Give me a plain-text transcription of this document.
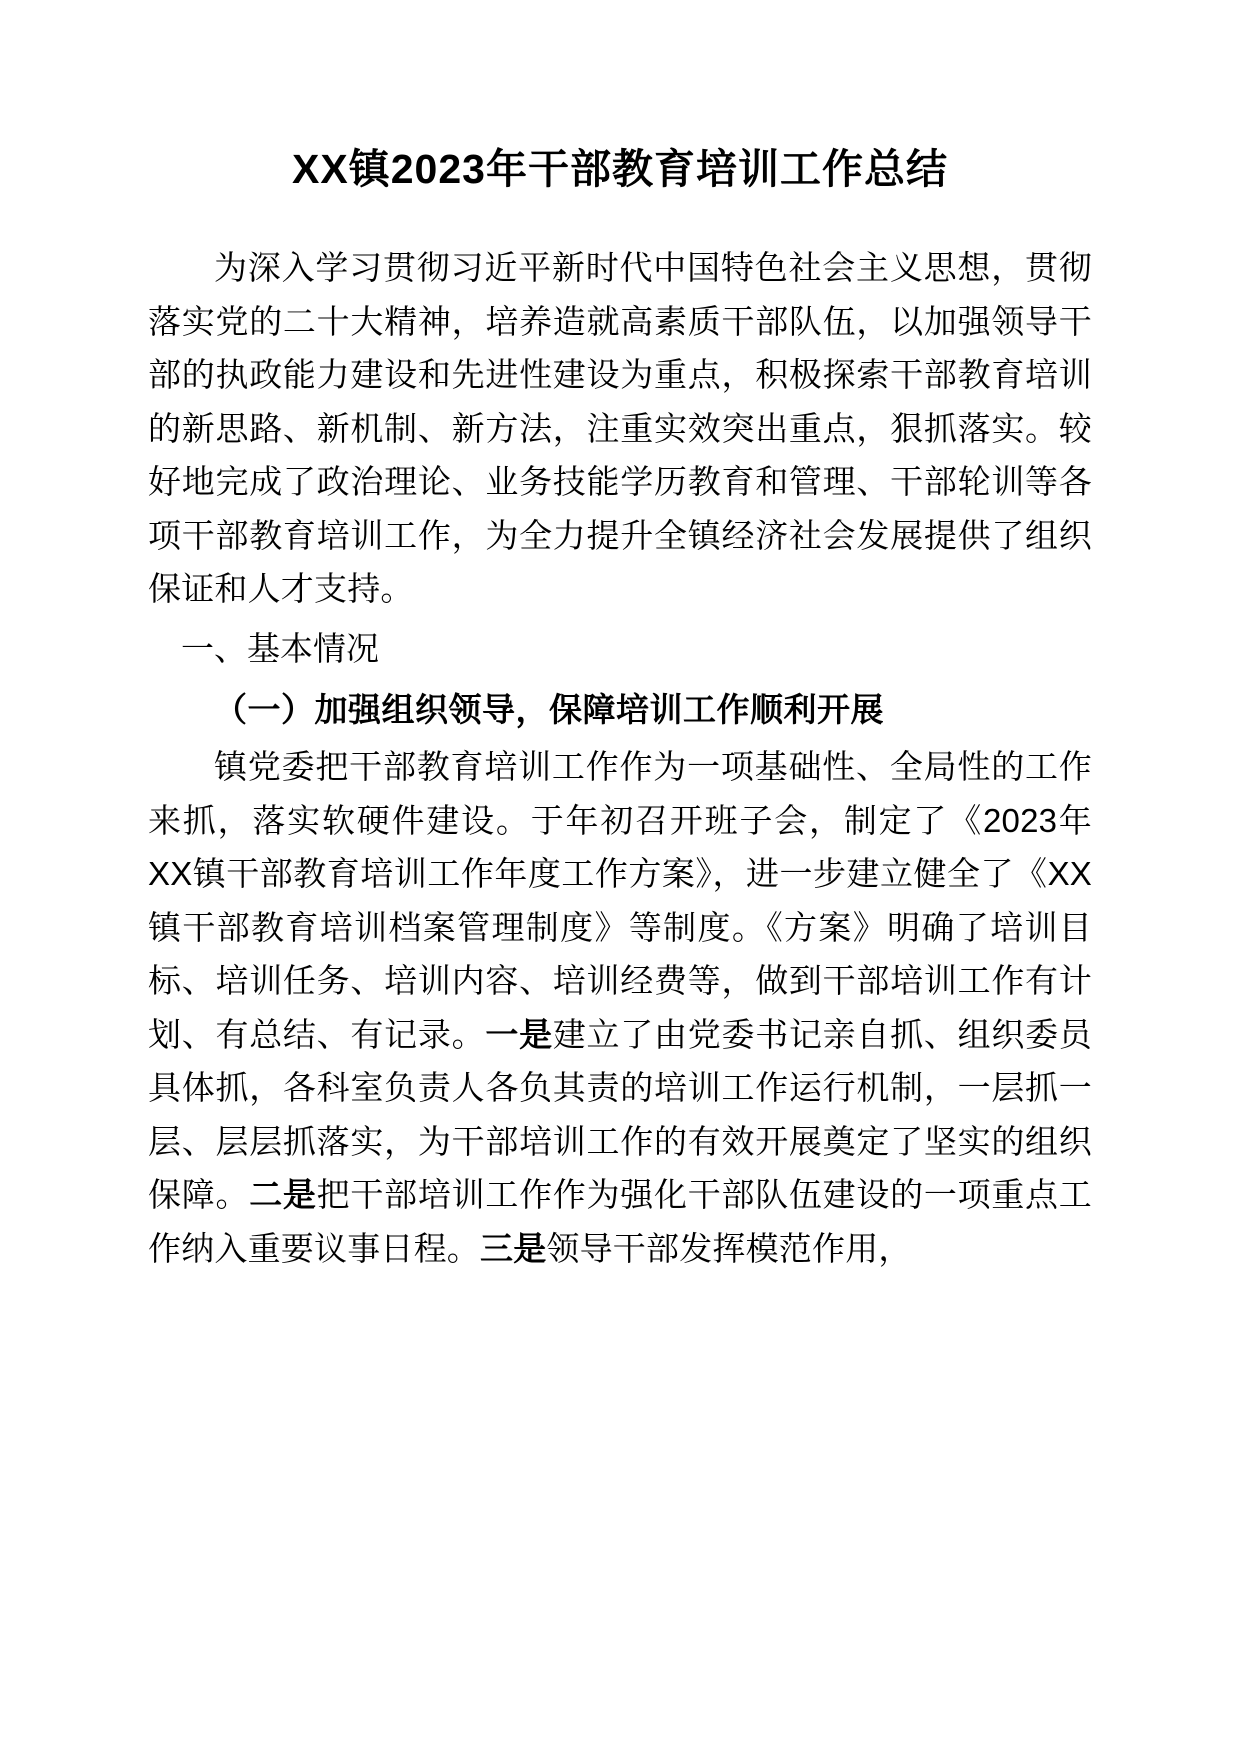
XX镇2023年干部教育培训工作总结

为深入学习贯彻习近平新时代中国特色社会主义思想，贯彻落实党的二十大精神，培养造就高素质干部队伍，以加强领导干部的执政能力建设和先进性建设为重点，积极探索干部教育培训的新思路、新机制、新方法，注重实效突出重点，狠抓落实。较好地完成了政治理论、业务技能学历教育和管理、干部轮训等各项干部教育培训工作，为全力提升全镇经济社会发展提供了组织保证和人才支持。

一、基本情况

（一）加强组织领导，保障培训工作顺利开展

镇党委把干部教育培训工作作为一项基础性、全局性的工作来抓，落实软硬件建设。于年初召开班子会，制定了《2023年XX镇干部教育培训工作年度工作方案》，进一步建立健全了《XX镇干部教育培训档案管理制度》等制度。《方案》明确了培训目标、培训任务、培训内容、培训经费等，做到干部培训工作有计划、有总结、有记录。一是建立了由党委书记亲自抓、组织委员具体抓，各科室负责人各负其责的培训工作运行机制，一层抓一层、层层抓落实，为干部培训工作的有效开展奠定了坚实的组织保障。二是把干部培训工作作为强化干部队伍建设的一项重点工作纳入重要议事日程。三是领导干部发挥模范作用，
